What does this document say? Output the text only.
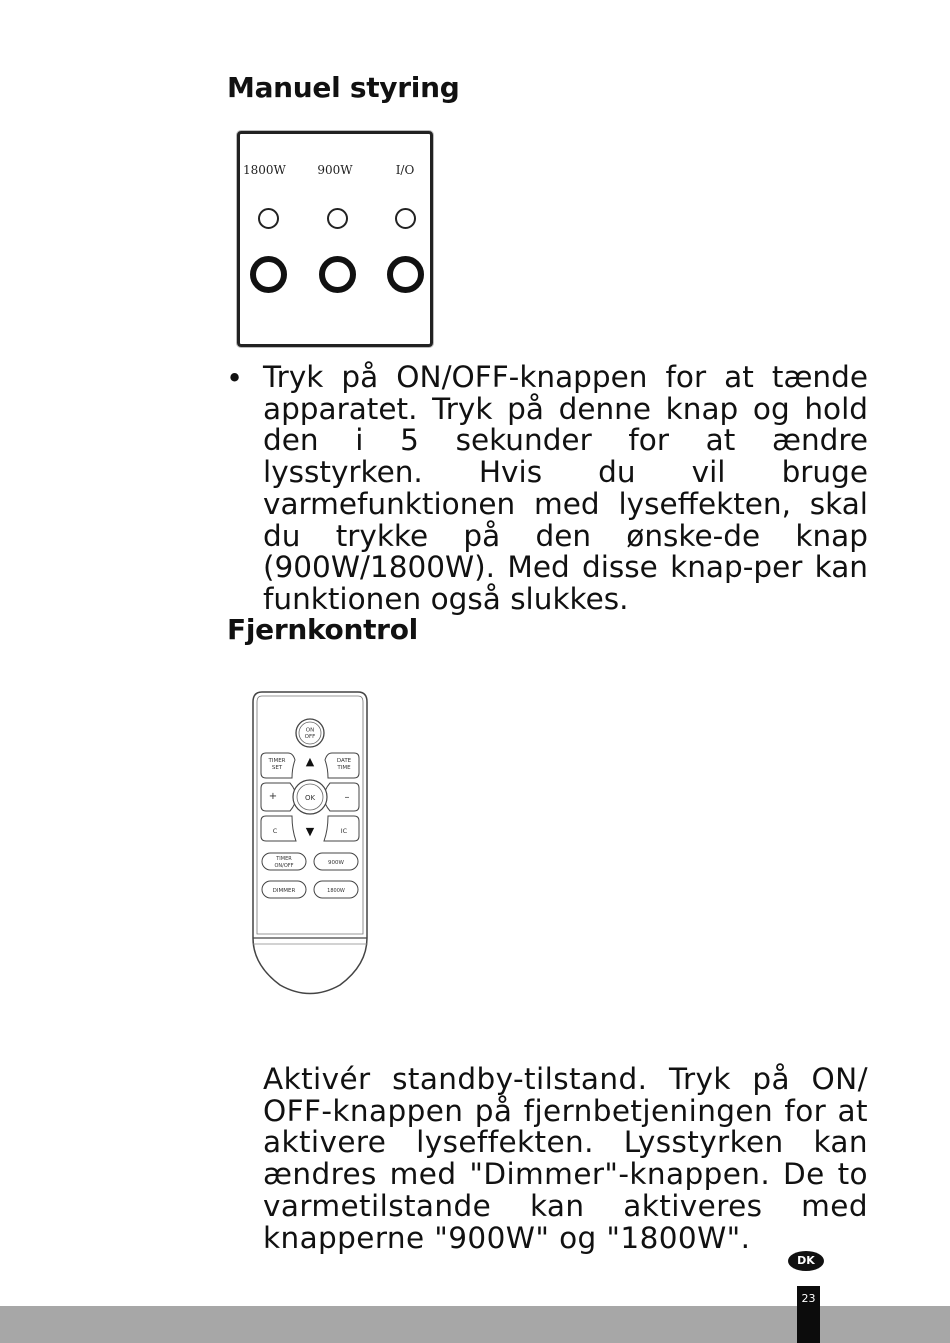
Manuel styring
1800W	900W	I/O
• Tryk på ON/OFF-knappen for at tænde apparatet. Tryk på denne knap og hold den i 5 sekunder for at ændre lysstyrken. Hvis du vil bruge varmefunktionen med lyseffekten, skal du trykke på den ønske-de knap (900W/1800W). Med disse knap-per kan funktionen også slukkes.

Fjernkontrol
ON
OFF
TIMER
SET
DATE
TIME
+	–
C	IC
▲
▼
OK
TIMER
ON/OFF	900W
DIMMER	1800W

Aktivér standby-tilstand. Tryk på ON/ OFF-knappen på fjernbetjeningen for at aktivere lyseffekten. Lysstyrken kan ændres med "Dimmer"-knappen. De to varmetilstande kan aktiveres med knapperne "900W" og "1800W".

DK
23
